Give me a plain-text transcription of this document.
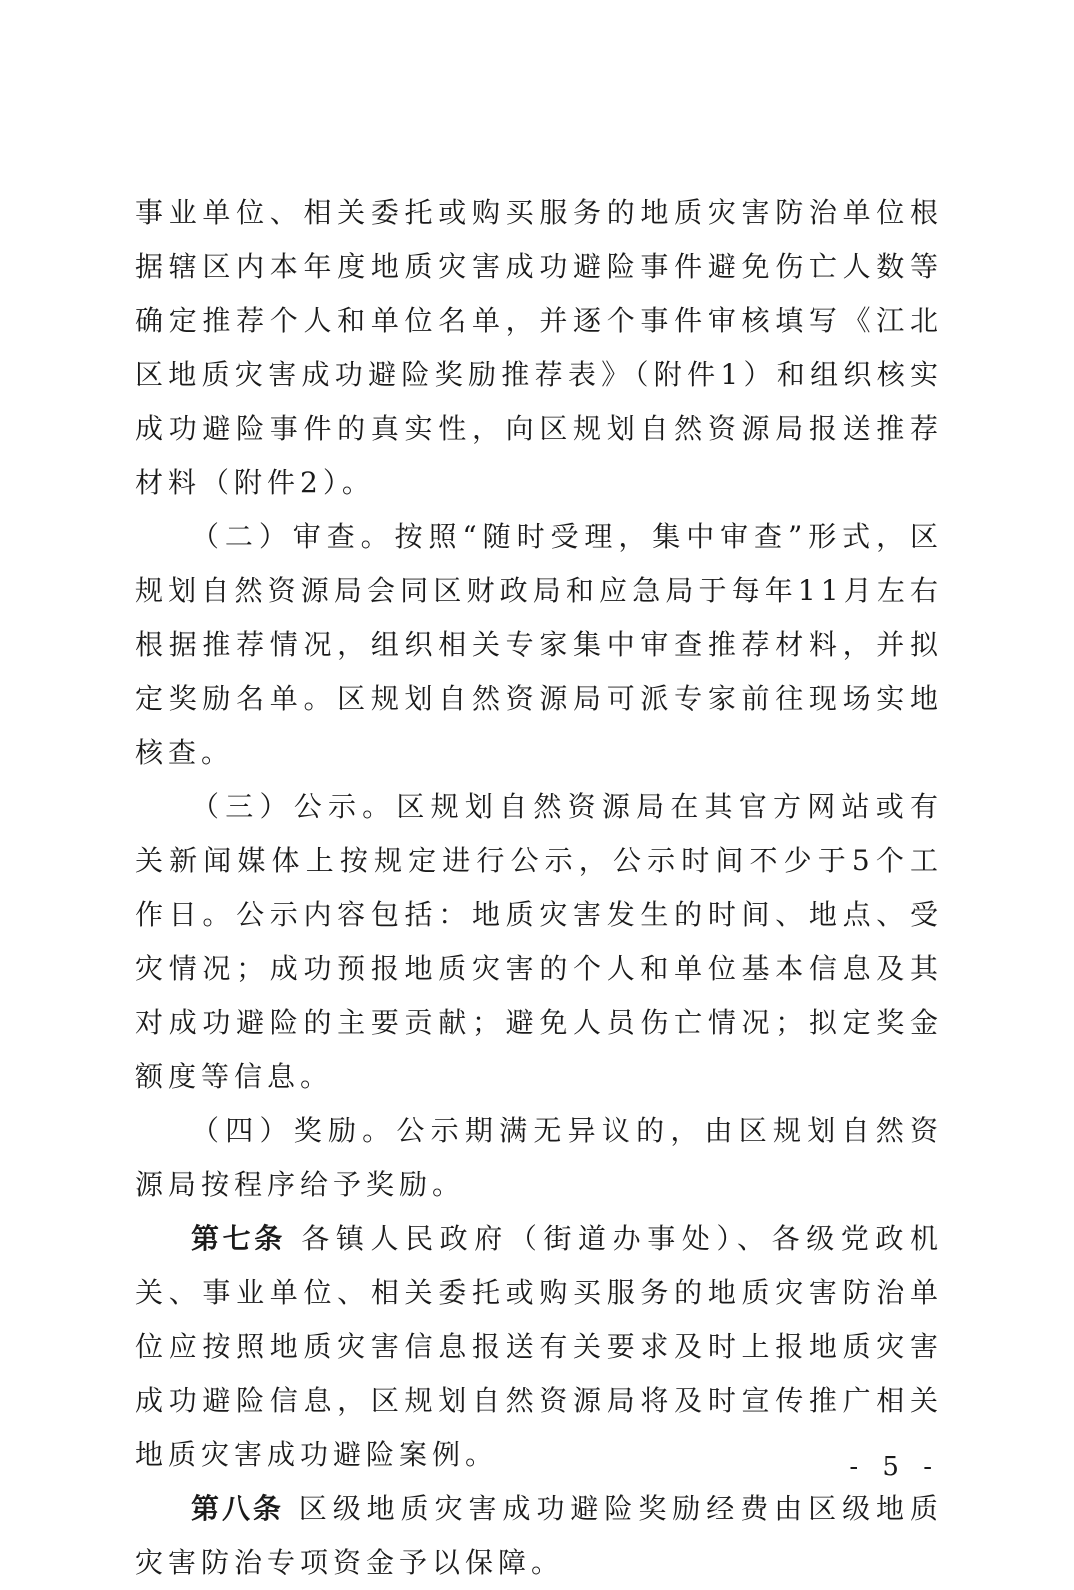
事业单位、相关委托或购买服务的地质灾害防治单位根据辖区内本年度地质灾害成功避险事件避免伤亡人数等确定推荐个人和单位名单，并逐个事件审核填写《江北区地质灾害成功避险奖励推荐表》（附件1）和组织核实成功避险事件的真实性，向区规划自然资源局报送推荐材料（附件2）。

（二）审查。按照“随时受理，集中审查”形式，区规划自然资源局会同区财政局和应急局于每年11月左右根据推荐情况，组织相关专家集中审查推荐材料，并拟定奖励名单。区规划自然资源局可派专家前往现场实地核查。

（三）公示。区规划自然资源局在其官方网站或有关新闻媒体上按规定进行公示，公示时间不少于5个工作日。公示内容包括：地质灾害发生的时间、地点、受灾情况；成功预报地质灾害的个人和单位基本信息及其对成功避险的主要贡献；避免人员伤亡情况；拟定奖金额度等信息。

（四）奖励。公示期满无异议的，由区规划自然资源局按程序给予奖励。

第七条 各镇人民政府（街道办事处）、各级党政机关、事业单位、相关委托或购买服务的地质灾害防治单位应按照地质灾害信息报送有关要求及时上报地质灾害成功避险信息，区规划自然资源局将及时宣传推广相关地质灾害成功避险案例。

第八条 区级地质灾害成功避险奖励经费由区级地质灾害防治专项资金予以保障。

- 5 -
